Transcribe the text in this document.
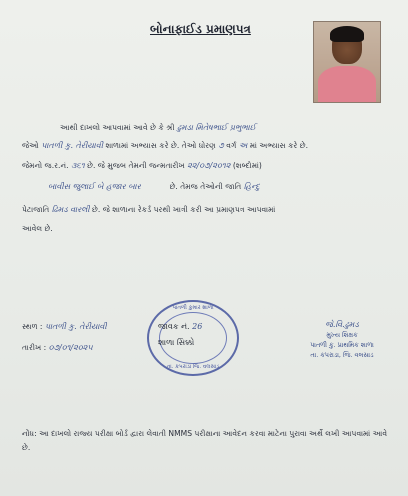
બોનાફાઈડ પ્રમાણપત્ર
આથી દાખલો આપવામાં આવે છે કે શ્રી ઢુમડા મિતેષભાઈ પ્રભુભાઈ
જેઓ પાતળી કુ. તેરીયાવી શાળામાં અભ્યાસ કરે છે. તેઓ ધોરણ ૭ વર્ગ અ માં અભ્યાસ કરે છે.
જેમનો જ.ર.નં. ૩૬૧ છે. જે મુજબ તેમની જન્મતારીખ ૨૨/૦૭/૨૦૧૨ (શબ્દોમાં)
બાવીસ જુલાઈ બે હજાર બાર	છે. તેમજ તેઓની જાતિ હિન્દુ
પેટાજાતિ ઢિમડ વારલી છે. જે શાળાના રેકર્ડ પરથી ખાત્રી કરી આ પ્રમાણપત્ર આપવામાં
આવેલ છે.
સ્થળ : પાતળી કુ. તેરીયાવી
તારીખ : ૦૭/૦૧/૨૦૨૫
પાતળી કુમાર શાળા
તા. કપરાડા જિ. વલસાડ
જાવક નં. 26
શાળા સિક્કો
જે.વિ.ઢુમડ
મુખ્ય શિક્ષક
પાતળી કુ. પ્રાથમિક શાળા
તા. કપરાડા, જિ. વલસાડ
નોંધ: આ દાખલો રાજ્ય પરીક્ષા બોર્ડ દ્વારા લેવાતી NMMS પરીક્ષાના આવેદન કરવા માટેના પુરાવા અર્થે લખી આપવામાં આવે છે.
